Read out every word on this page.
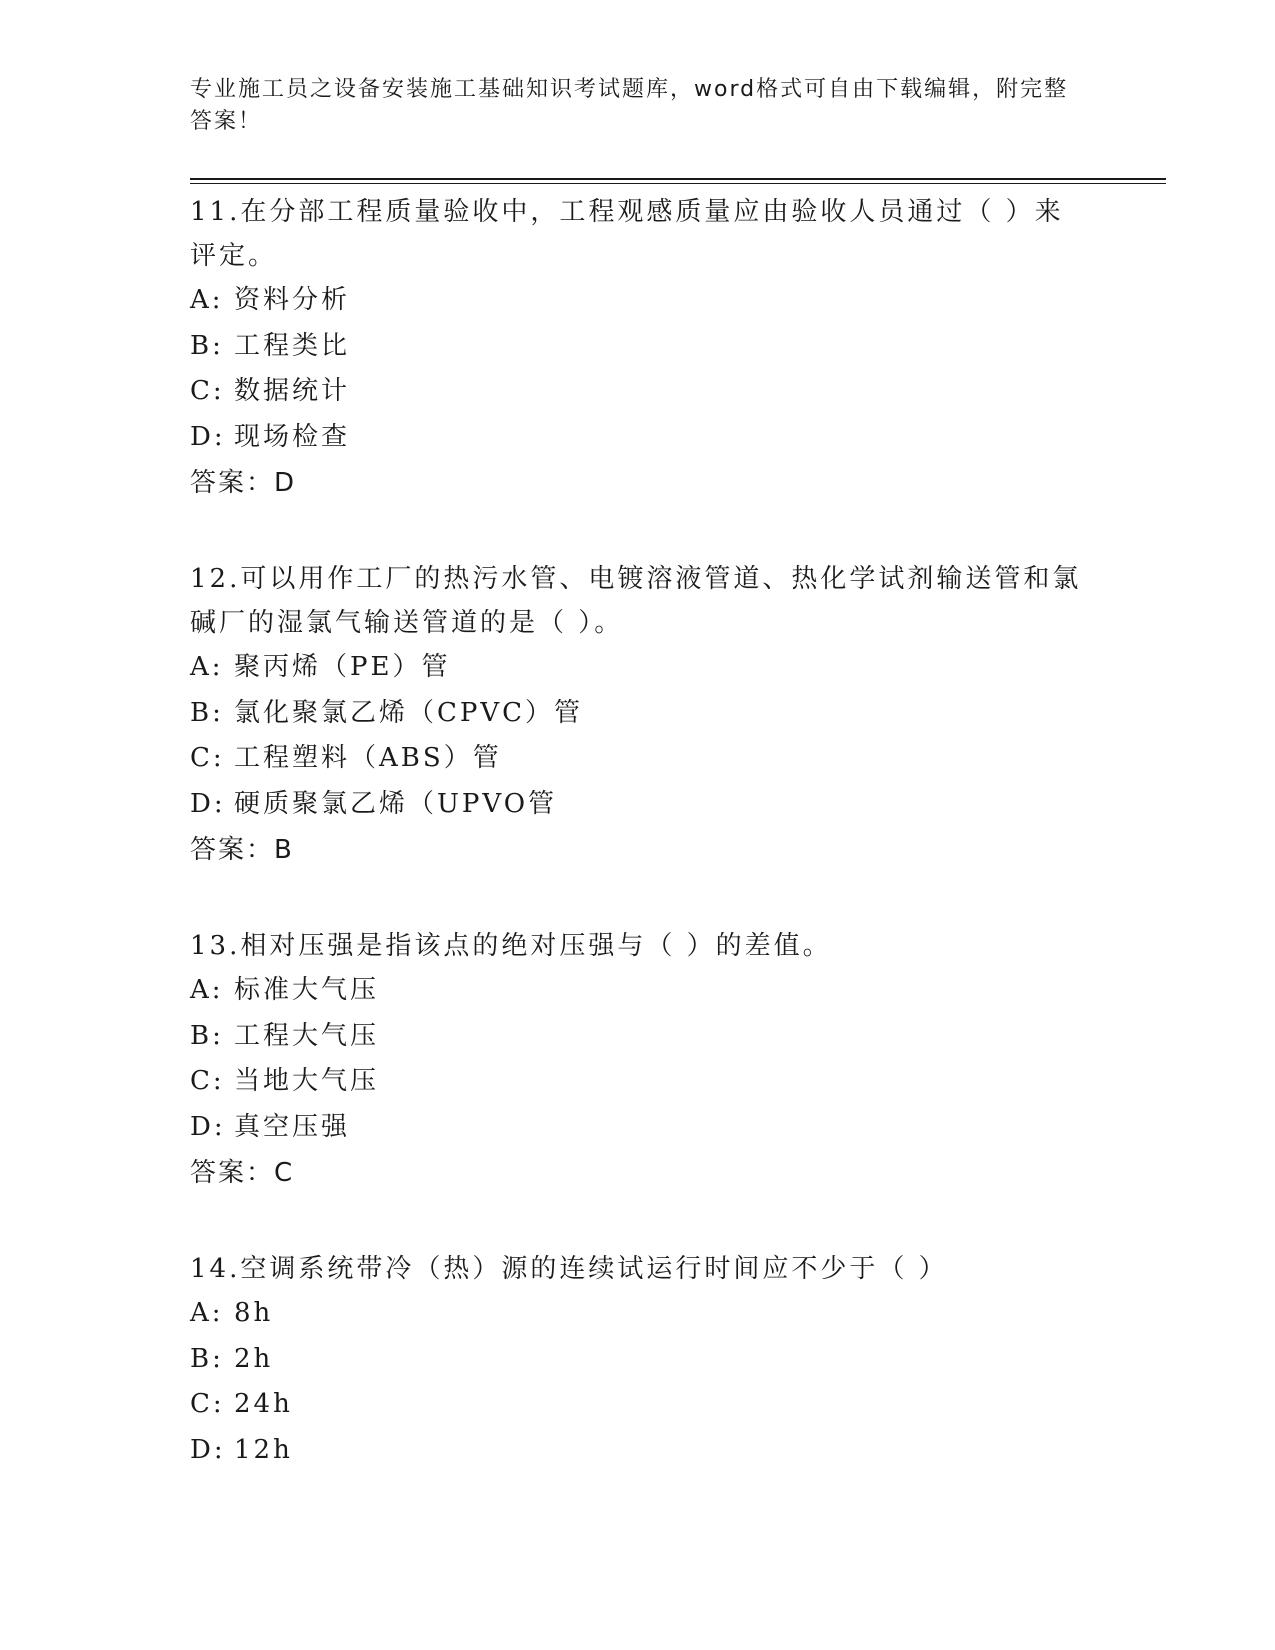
专业施工员之设备安装施工基础知识考试题库，word格式可自由下载编辑，附完整答案！

11.在分部工程质量验收中，工程观感质量应由验收人员通过（ ）来评定。

A: 资料分析

B: 工程类比

C: 数据统计

D: 现场检查

答案：D

12.可以用作工厂的热污水管、电镀溶液管道、热化学试剂输送管和氯碱厂的湿氯气输送管道的是（ ）。

A: 聚丙烯（PE）管

B: 氯化聚氯乙烯（CPVC）管

C: 工程塑料（ABS）管

D: 硬质聚氯乙烯（UPVO管

答案：B

13.相对压强是指该点的绝对压强与（ ）的差值。

A: 标准大气压

B: 工程大气压

C: 当地大气压

D: 真空压强

答案：C

14.空调系统带冷（热）源的连续试运行时间应不少于（ ）

A: 8h

B: 2h

C: 24h

D: 12h
